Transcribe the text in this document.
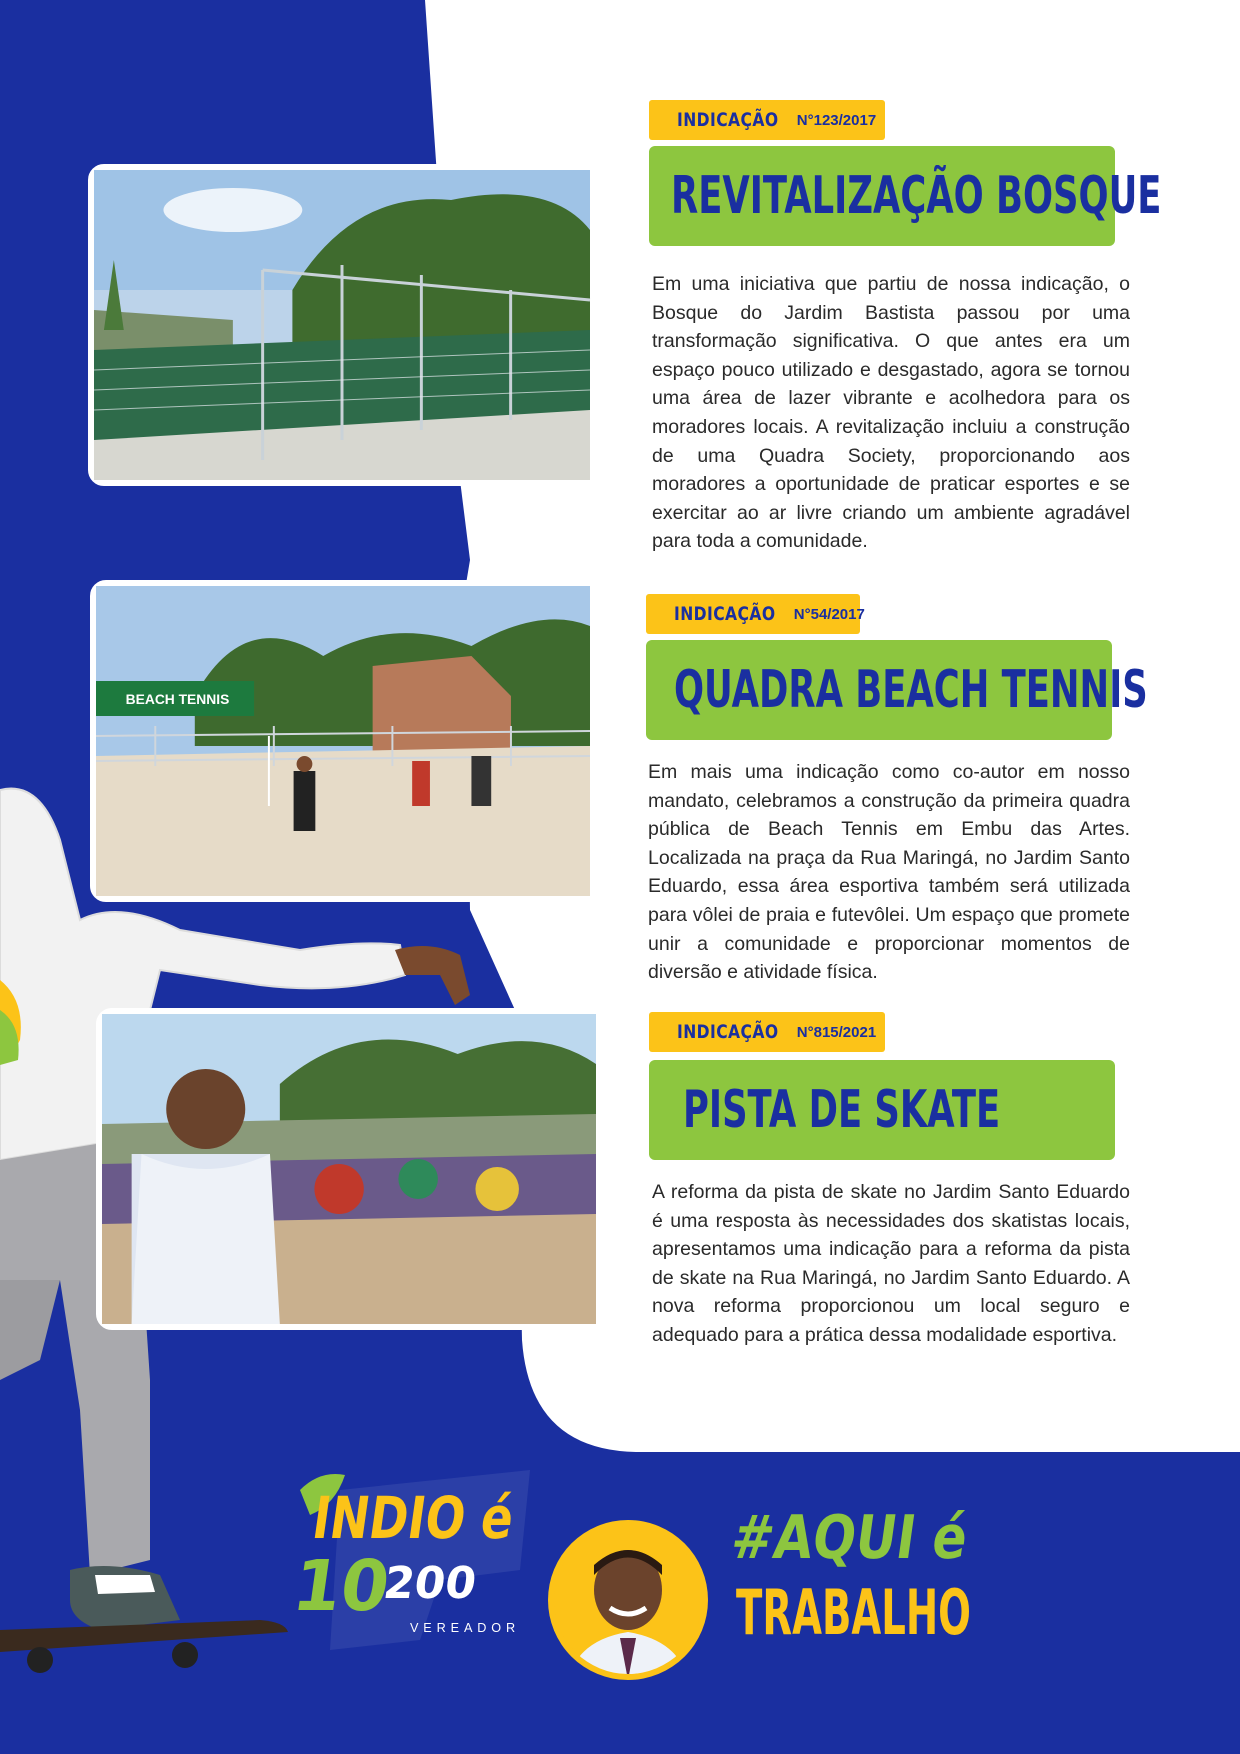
INDICAÇÃO N°123/2017
REVITALIZAÇÃO BOSQUE
Em uma iniciativa que partiu de nossa indicação, o Bosque do Jardim Bastista passou por uma transformação significativa. O que antes era um espaço pouco utilizado e desgastado, agora se tornou uma área de lazer vibrante e acolhedora para os moradores locais. A revitalização incluiu a construção de uma Quadra Society, proporcionando aos moradores a oportunidade de praticar esportes e se exercitar ao ar livre criando um ambiente agradável para toda a comunidade.
BEACH TENNIS
INDICAÇÃO N°54/2017
QUADRA BEACH TENNIS
Em mais uma indicação como co-autor em nosso mandato, celebramos a construção da primeira quadra pública de Beach Tennis em Embu das Artes. Localizada na praça da Rua Maringá, no Jardim Santo Eduardo, essa área esportiva também será utilizada para vôlei de praia e futevôlei. Um espaço que promete unir a comunidade e proporcionar momentos de diversão e atividade física.
INDICAÇÃO N°815/2021
PISTA DE SKATE
A reforma da pista de skate no Jardim Santo Eduardo é uma resposta às necessidades dos skatistas locais, apresentamos uma indicação para a reforma da pista de skate na Rua Maringá, no Jardim Santo Eduardo. A nova reforma proporcionou um local seguro e adequado para a prática dessa modalidade esportiva.
INDIO é
10
200
VEREADOR
#AQUI é
TRABALHO
